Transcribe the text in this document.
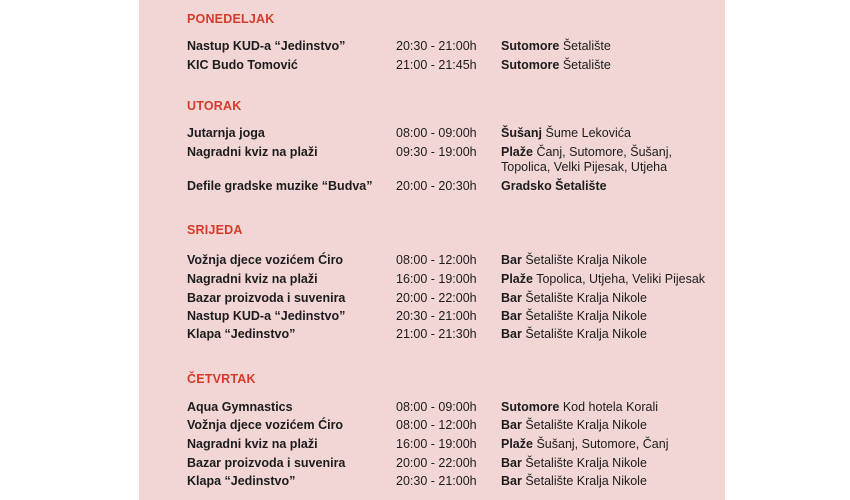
PONEDELJAK
Nastup KUD-a “Jedinstvo”	20:30 - 21:00h Sutomore Šetalište
KIC Budo Tomović	21:00 - 21:45h Sutomore Šetalište
UTORAK
Jutarnja joga	08:00 - 09:00h Šušanj Šume Lekovića
Nagradni kviz na plaži	09:30 - 19:00h Plaže Čanj, Sutomore, Šušanj, Topolica, Velki Pijesak, Utjeha
Defile gradske muzike “Budva” 20:00 - 20:30h Gradsko Šetalište
SRIJEDA
Vožnja djece vozićem Ćiro	08:00 - 12:00h Bar Šetalište Kralja Nikole
Nagradni kviz na plaži	16:00 - 19:00h Plaže Topolica, Utjeha, Veliki Pijesak
Bazar proizvoda i suvenira	20:00 - 22:00h Bar Šetalište Kralja Nikole
Nastup KUD-a “Jedinstvo”	20:30 - 21:00h Bar Šetalište Kralja Nikole
Klapa “Jedinstvo”	21:00 - 21:30h Bar Šetalište Kralja Nikole
ČETVRTAK
Aqua Gymnastics	08:00 - 09:00h Sutomore Kod hotela Korali
Vožnja djece vozićem Ćiro	08:00 - 12:00h Bar Šetalište Kralja Nikole
Nagradni kviz na plaži	16:00 - 19:00h Plaže Šušanj, Sutomore, Čanj
Bazar proizvoda i suvenira	20:00 - 22:00h Bar Šetalište Kralja Nikole
Klapa “Jedinstvo”	20:30 - 21:00h Bar Šetalište Kralja Nikole
